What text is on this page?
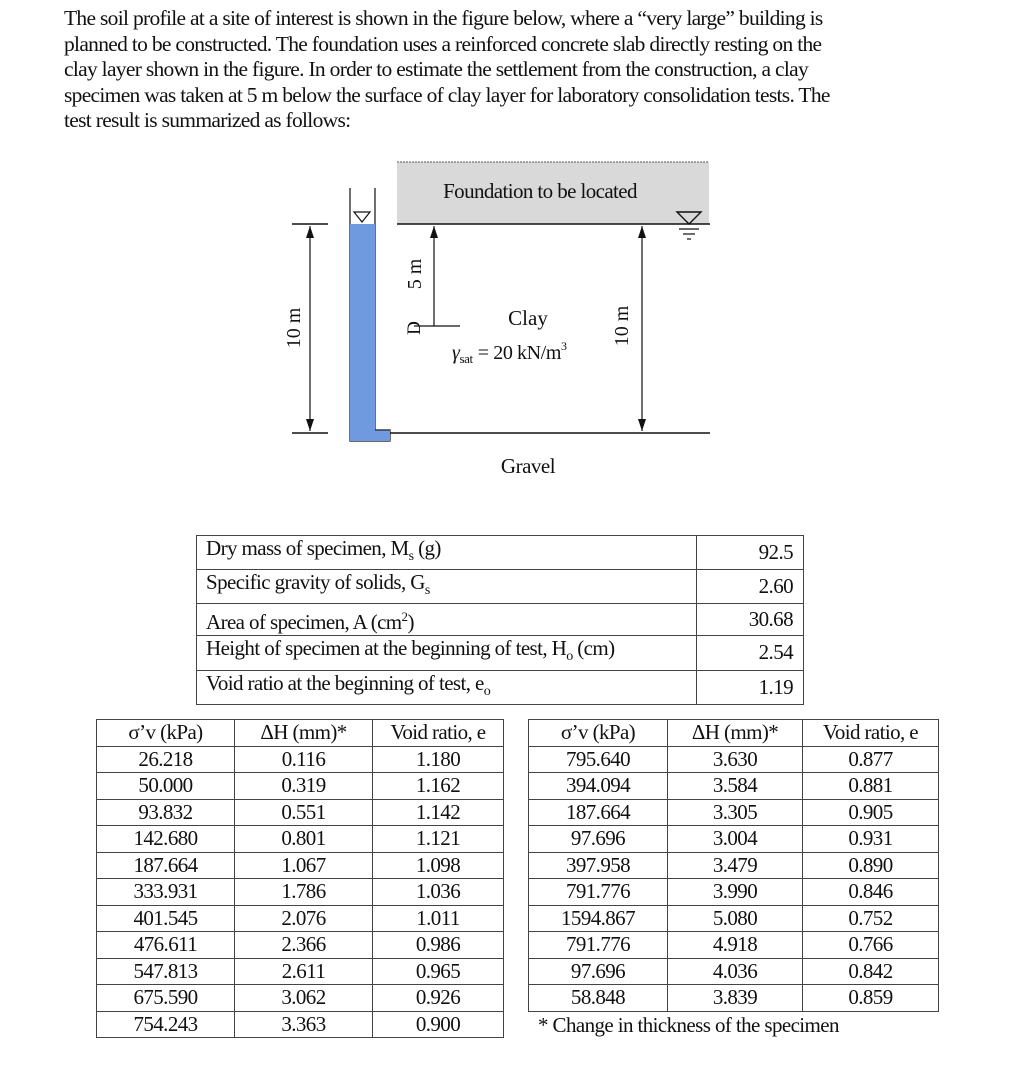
The soil profile at a site of interest is shown in the figure below, where a “very large” building is
planned to be constructed. The foundation uses a reinforced concrete slab directly resting on the
clay layer shown in the figure. In order to estimate the settlement from the construction, a clay
specimen was taken at 5 m below the surface of clay layer for laboratory consolidation tests. The
test result is summarized as follows:
Foundation to be located
10 m
5 m
D	Clay
$\gamma_{sat} = 20$ $kN/m^3$ 10 m
Gravel
Dry mass of specimen, $M_s$ (g)	92.5
Specific gravity of solids, $G_s$	2.60
Area of specimen, A $(cm^2)$	30.68
Height of specimen at the beginning of test, $H_o$ (cm)	2.54
Void ratio at the beginning of test, $e_o$	1.19
σ’v (kPa)	ΔH (mm)*	Void ratio, e
26.218	0.116	1.180
50.000	0.319	1.162
93.832	0.551	1.142
142.680	0.801	1.121
187.664	1.067	1.098
333.931	1.786	1.036
401.545	2.076	1.011
476.611	2.366	0.986
547.813	2.611	0.965
675.590	3.062	0.926
754.243	3.363	0.900
σ’v (kPa)	ΔH (mm)*	Void ratio, e
795.640	3.630	0.877
394.094	3.584	0.881
187.664	3.305	0.905
97.696	3.004	0.931
397.958	3.479	0.890
791.776	3.990	0.846
1594.867	5.080	0.752
791.776	4.918	0.766
97.696	4.036	0.842
58.848	3.839	0.859
* Change in thickness of the specimen
